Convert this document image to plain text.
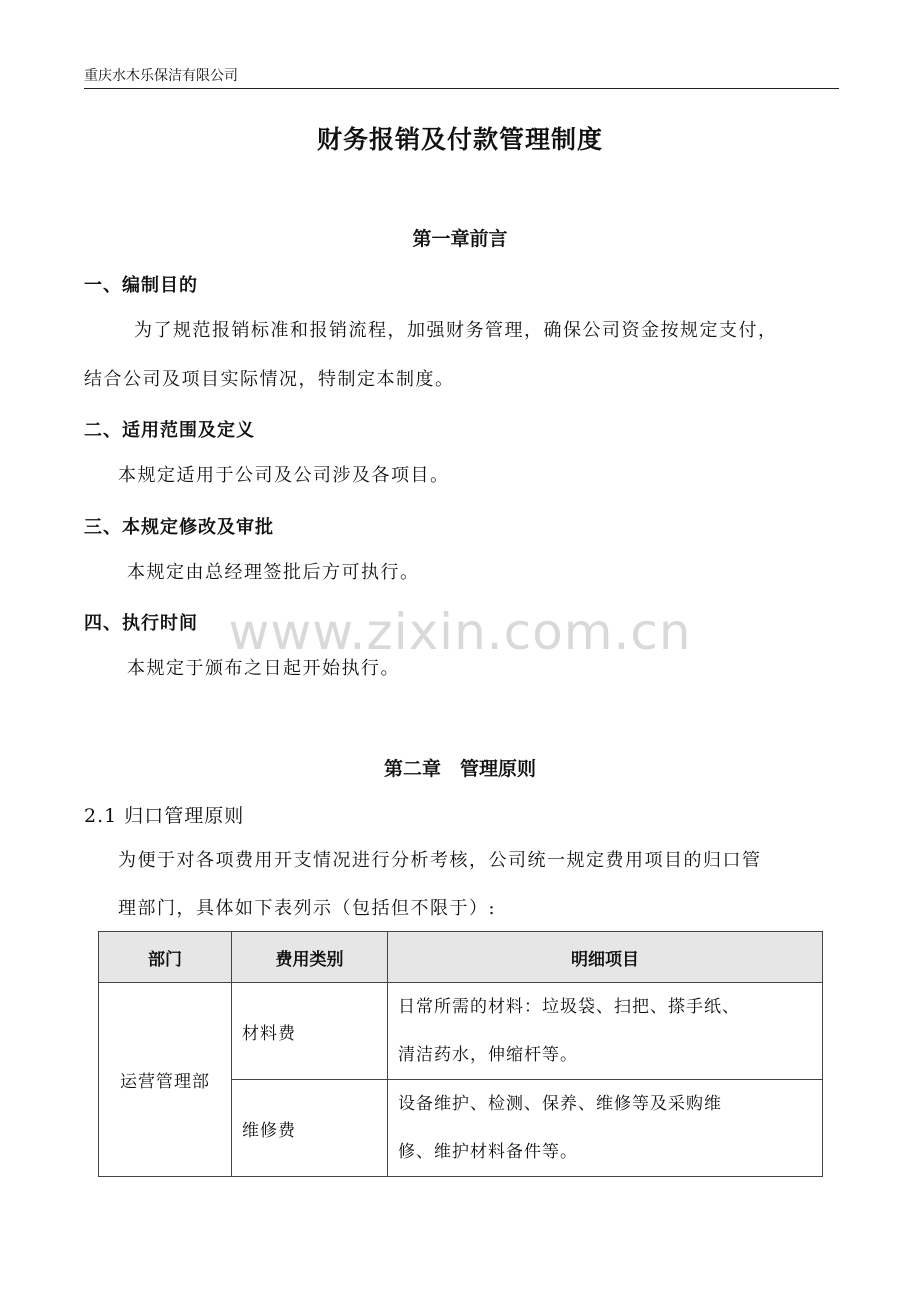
重庆水木乐保洁有限公司
财务报销及付款管理制度
第一章前言
一、编制目的
为了规范报销标准和报销流程，加强财务管理，确保公司资金按规定支付，
结合公司及项目实际情况，特制定本制度。
二、适用范围及定义
本规定适用于公司及公司涉及各项目。
三、本规定修改及审批
本规定由总经理签批后方可执行。
四、执行时间
本规定于颁布之日起开始执行。
www.zixin.com.cn
第二章　管理原则
2.1 归口管理原则
为便于对各项费用开支情况进行分析考核，公司统一规定费用项目的归口管
理部门，具体如下表列示（包括但不限于）:
部门	费用类别	明细项目
运营管理部	材料费	日常所需的材料：垃圾袋、扫把、搽手纸、
清洁药水，伸缩杆等。

	维修费	设备维护、检测、保养、维修等及采购维
修、维护材料备件等。
